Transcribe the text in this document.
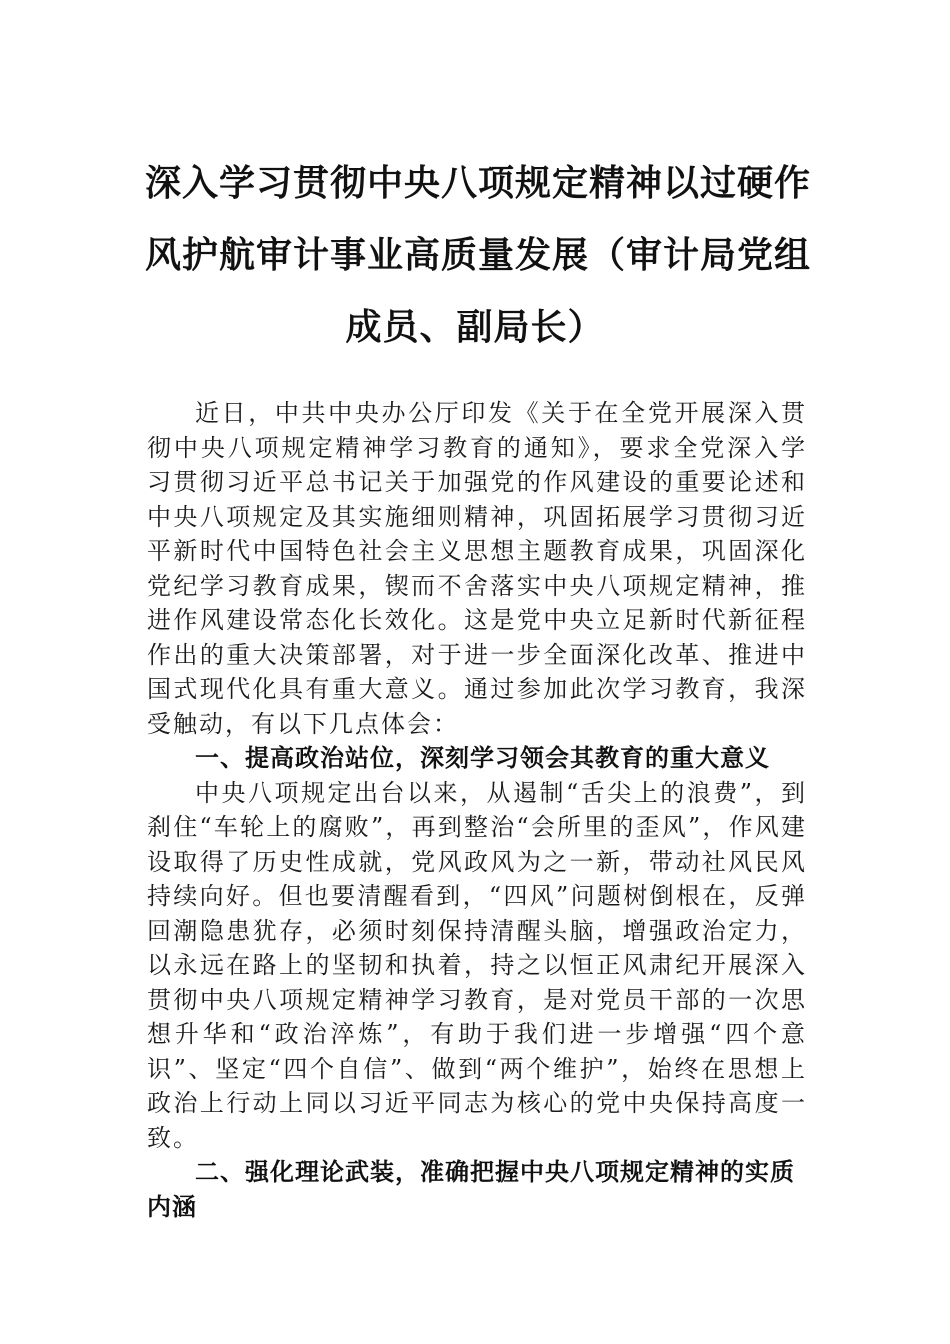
深入学习贯彻中央八项规定精神以过硬作
风护航审计事业高质量发展（审计局党组
成员、副局长）

近日，中共中央办公厅印发《关于在全党开展深入贯彻中央八项规定精神学习教育的通知》，要求全党深入学习贯彻习近平总书记关于加强党的作风建设的重要论述和中央八项规定及其实施细则精神，巩固拓展学习贯彻习近平新时代中国特色社会主义思想主题教育成果，巩固深化党纪学习教育成果，锲而不舍落实中央八项规定精神，推进作风建设常态化长效化。这是党中央立足新时代新征程作出的重大决策部署，对于进一步全面深化改革、推进中国式现代化具有重大意义。通过参加此次学习教育，我深受触动，有以下几点体会：

一、提高政治站位，深刻学习领会其教育的重大意义

中央八项规定出台以来，从遏制“舌尖上的浪费”，到刹住“车轮上的腐败”，再到整治“会所里的歪风”，作风建设取得了历史性成就，党风政风为之一新，带动社风民风持续向好。但也要清醒看到，“四风”问题树倒根在，反弹回潮隐患犹存，必须时刻保持清醒头脑，增强政治定力，以永远在路上的坚韧和执着，持之以恒正风肃纪开展深入贯彻中央八项规定精神学习教育，是对党员干部的一次思想升华和“政治淬炼”，有助于我们进一步增强“四个意识”、坚定“四个自信”、做到“两个维护”，始终在思想上政治上行动上同以习近平同志为核心的党中央保持高度一致。

二、强化理论武装，准确把握中央八项规定精神的实质内涵
